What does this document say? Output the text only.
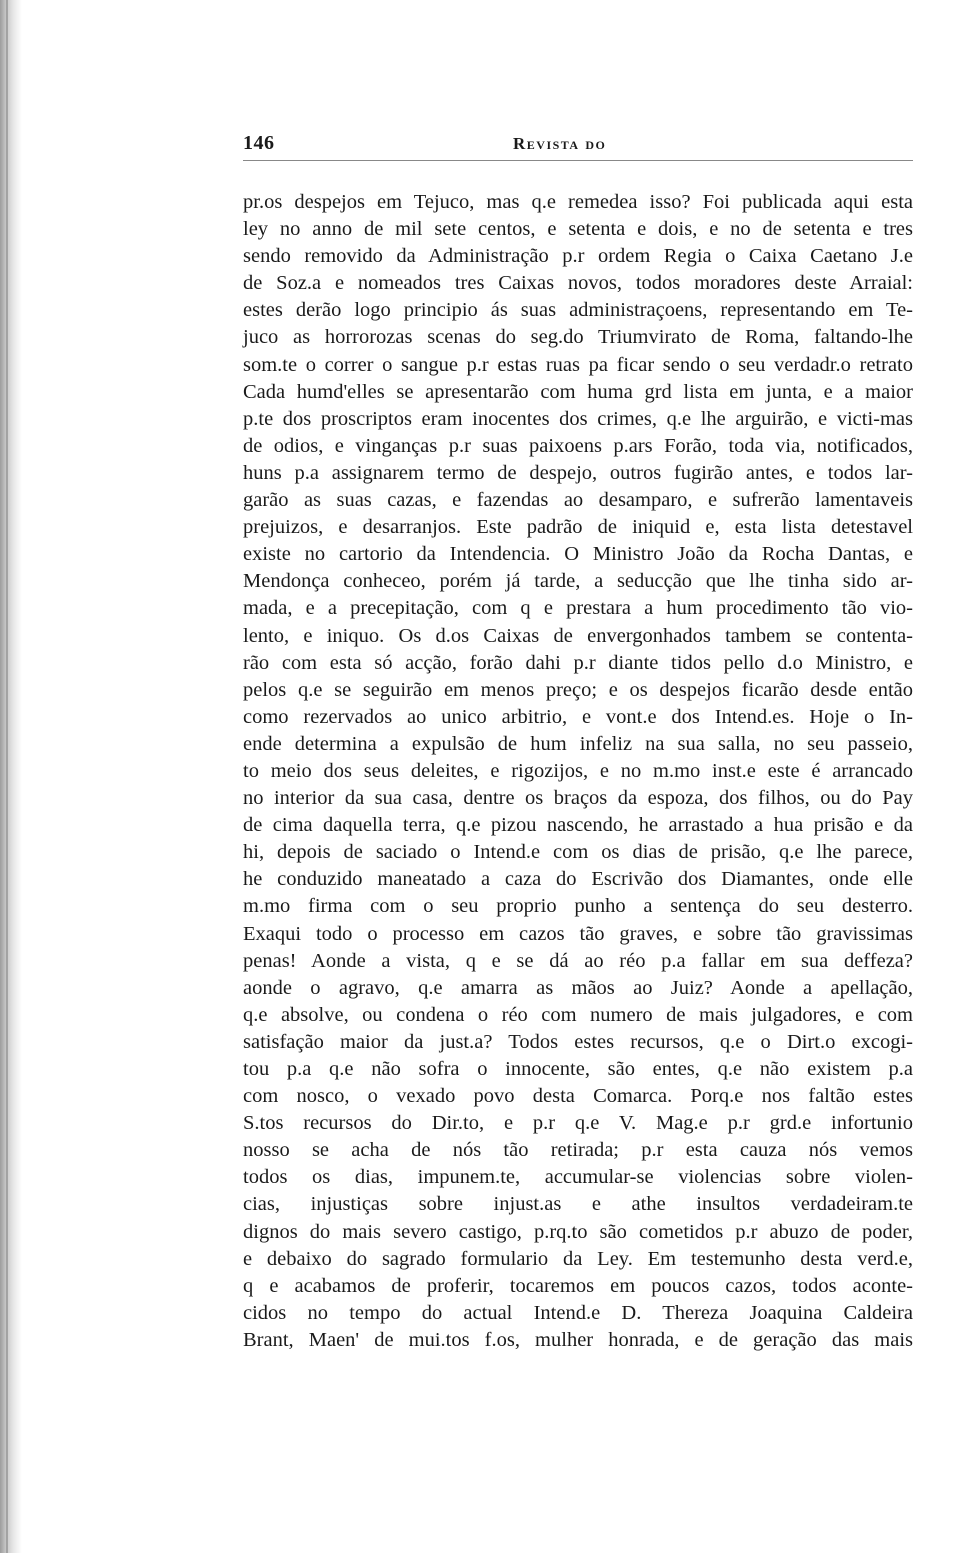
146	Revista do
pr.os despejos em Tejuco, mas q.e remedea isso? Foi publicada aqui esta
ley no anno de mil sete centos, e setenta e dois, e no de setenta e tres
sendo removido da Administração p.r ordem Regia o Caixa Caetano J.e
de Soz.a e nomeados tres Caixas novos, todos moradores deste Arraial:
estes derão logo principio ás suas administraçoens, representando em Te-
juco as horrorozas scenas do seg.do Triumvirato de Roma, faltando-lhe
som.te o correr o sangue p.r estas ruas pa ficar sendo o seu verdadr.o retrato
Cada humd'elles se apresentarão com huma grd lista em junta, e a maior
p.te dos proscriptos eram inocentes dos crimes, q.e lhe arguirão, e victi-mas
de odios, e vinganças p.r suas paixoens p.ars Forão, toda via, notificados,
huns p.a assignarem termo de despejo, outros fugirão antes, e todos lar-
garão as suas cazas, e fazendas ao desamparo, e sufrerão lamentaveis
prejuizos, e desarranjos. Este padrão de iniquid e, esta lista detestavel
existe no cartorio da Intendencia. O Ministro João da Rocha Dantas, e
Mendonça conheceo, porém já tarde, a seducção que lhe tinha sido ar-
mada, e a precepitação, com q e prestara a hum procedimento tão vio-
lento, e iniquo. Os d.os Caixas de envergonhados tambem se contenta-
rão com esta só acção, forão dahi p.r diante tidos pello d.o Ministro, e
pelos q.e se seguirão em menos preço; e os despejos ficarão desde então
como rezervados ao unico arbitrio, e vont.e dos Intend.es. Hoje o In-
ende determina a expulsão de hum infeliz na sua salla, no seu passeio,
to meio dos seus deleites, e rigozijos, e no m.mo inst.e este é arrancado
no interior da sua casa, dentre os braços da espoza, dos filhos, ou do Pay
de cima daquella terra, q.e pizou nascendo, he arrastado a hua prisão e da
hi, depois de saciado o Intend.e com os dias de prisão, q.e lhe parece,
he conduzido maneatado a caza do Escrivão dos Diamantes, onde elle
m.mo firma com o seu proprio punho a sentença do seu desterro.
Exaqui todo o processo em cazos tão graves, e sobre tão gravissimas
penas! Aonde a vista, q e se dá ao réo p.a fallar em sua deffeza?
aonde o agravo, q.e amarra as mãos ao Juiz? Aonde a apellação,
q.e absolve, ou condena o réo com numero de mais julgadores, e com
satisfação maior da just.a? Todos estes recursos, q.e o Dirt.o excogi-
tou p.a q.e não sofra o innocente, são entes, q.e não existem p.a
com nosco, o vexado povo desta Comarca. Porq.e nos faltão estes
S.tos recursos do Dir.to, e p.r q.e V. Mag.e p.r grd.e infortunio
nosso se acha de nós tão retirada; p.r esta cauza nós vemos
todos os dias, impunem.te, accumular-se violencias sobre violen-
cias, injustiças sobre injust.as e athe insultos verdadeiram.te
dignos do mais severo castigo, p.rq.to são cometidos p.r abuzo de poder,
e debaixo do sagrado formulario da Ley. Em testemunho desta verd.e,
q e acabamos de proferir, tocaremos em poucos cazos, todos aconte-
cidos no tempo do actual Intend.e D. Thereza Joaquina Caldeira
Brant, Maen' de mui.tos f.os, mulher honrada, e de geração das mais
